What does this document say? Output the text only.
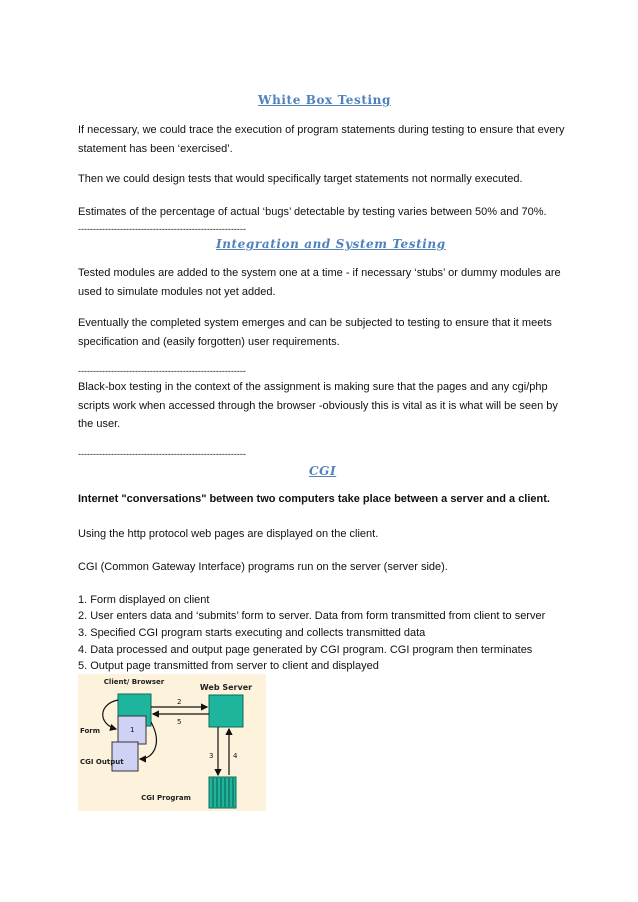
White Box Testing

If necessary, we could trace the execution of program statements during testing to ensure that every statement has been ‘exercised’.

Then we could design tests that would specifically target statements not normally executed.

Estimates of the percentage of actual ‘bugs’ detectable by testing varies between 50% and 70%.

--------------------------------------------------------
Integration and System Testing

Tested modules are added to the system one at a time - if necessary ‘stubs’ or dummy modules are used to simulate modules not yet added.

Eventually the completed system emerges and can be subjected to testing to ensure that it meets specification and (easily forgotten) user requirements.

--------------------------------------------------------

Black-box testing in the context of the assignment is making sure that the pages and any cgi/php scripts work when accessed through the browser -obviously this is vital as it is what will be seen by the user.

--------------------------------------------------------
CGI

Internet "conversations" between two computers take place between a server and a client.

Using the http protocol web pages are displayed on the client.

CGI (Common Gateway Interface) programs run on the server (server side).

1. Form displayed on client

2. User enters data and ‘submits’ form to server. Data from form transmitted from client to server

3. Specified CGI program starts executing and collects transmitted data

4. Data processed and output page generated by CGI program. CGI program then terminates

5. Output page transmitted from server to client and displayed

Client/ Browser
Web Server
Form
CGI Output
CGI Program
1
2
3	4
5
